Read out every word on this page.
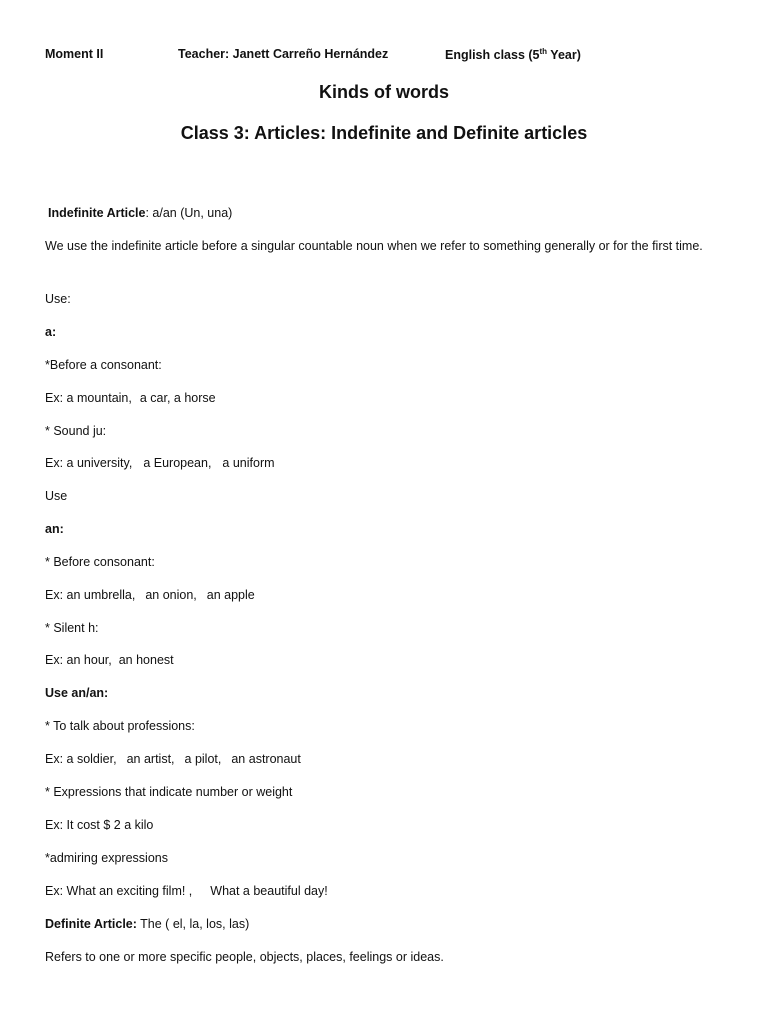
Moment II	Teacher: Janett Carreño Hernández	English class (5th Year)
Kinds of words
Class 3: Articles: Indefinite and Definite articles
Indefinite Article: a/an (Un, una)
We use the indefinite article before a singular countable noun when we refer to something generally or for the first time.
Use:
a:
*Before a consonant:
Ex: a mountain, a car, a horse
* Sound ju:
Ex: a university, a European, a uniform
Use
an:
* Before consonant:
Ex: an umbrella, an onion, an apple
* Silent h:
Ex: an hour, an honest
Use an/an:
* To talk about professions:
Ex: a soldier, an artist, a pilot, an astronaut
* Expressions that indicate number or weight
Ex: It cost $ 2 a kilo
*admiring expressions
Ex: What an exciting film! , What a beautiful day!
Definite Article: The ( el, la, los, las)
Refers to one or more specific people, objects, places, feelings or ideas.
